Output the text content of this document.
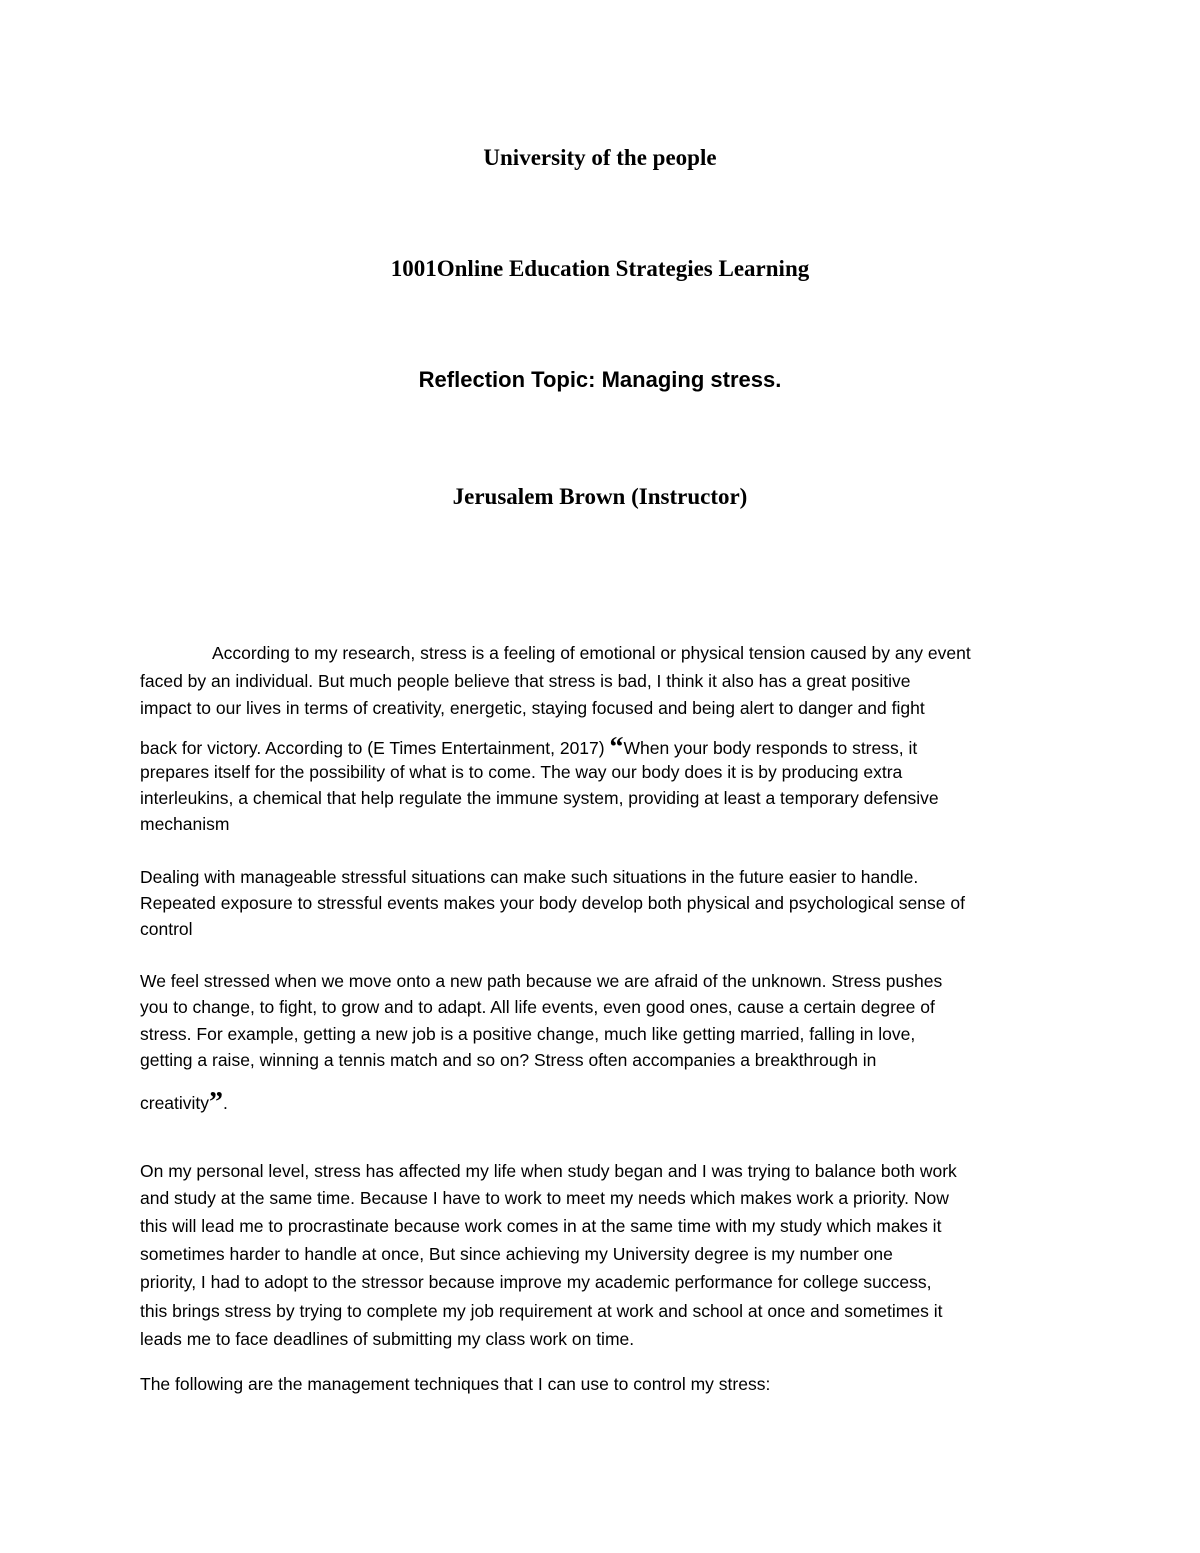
University of the people
1001Online Education Strategies Learning
Reflection Topic: Managing stress.
Jerusalem Brown (Instructor)
According to my research, stress is a feeling of emotional or physical tension caused by any event
faced by an individual. But much people believe that stress is bad, I think it also has a great positive
impact to our lives in terms of creativity, energetic, staying focused and being alert to danger and fight
back for victory. According to (E Times Entertainment, 2017) “When your body responds to stress, it
prepares itself for the possibility of what is to come. The way our body does it is by producing extra
interleukins, a chemical that help regulate the immune system, providing at least a temporary defensive
mechanism
Dealing with manageable stressful situations can make such situations in the future easier to handle.
Repeated exposure to stressful events makes your body develop both physical and psychological sense of
control
We feel stressed when we move onto a new path because we are afraid of the unknown. Stress pushes
you to change, to fight, to grow and to adapt. All life events, even good ones, cause a certain degree of
stress. For example, getting a new job is a positive change, much like getting married, falling in love,
getting a raise, winning a tennis match and so on? Stress often accompanies a breakthrough in
creativity”.
On my personal level, stress has affected my life when study began and I was trying to balance both work
and study at the same time. Because I have to work to meet my needs which makes work a priority. Now
this will lead me to procrastinate because work comes in at the same time with my study which makes it
sometimes harder to handle at once, But since achieving my University degree is my number one
priority, I had to adopt to the stressor because improve my academic performance for college success,
this brings stress by trying to complete my job requirement at work and school at once and sometimes it
leads me to face deadlines of submitting my class work on time.
The following are the management techniques that I can use to control my stress:
